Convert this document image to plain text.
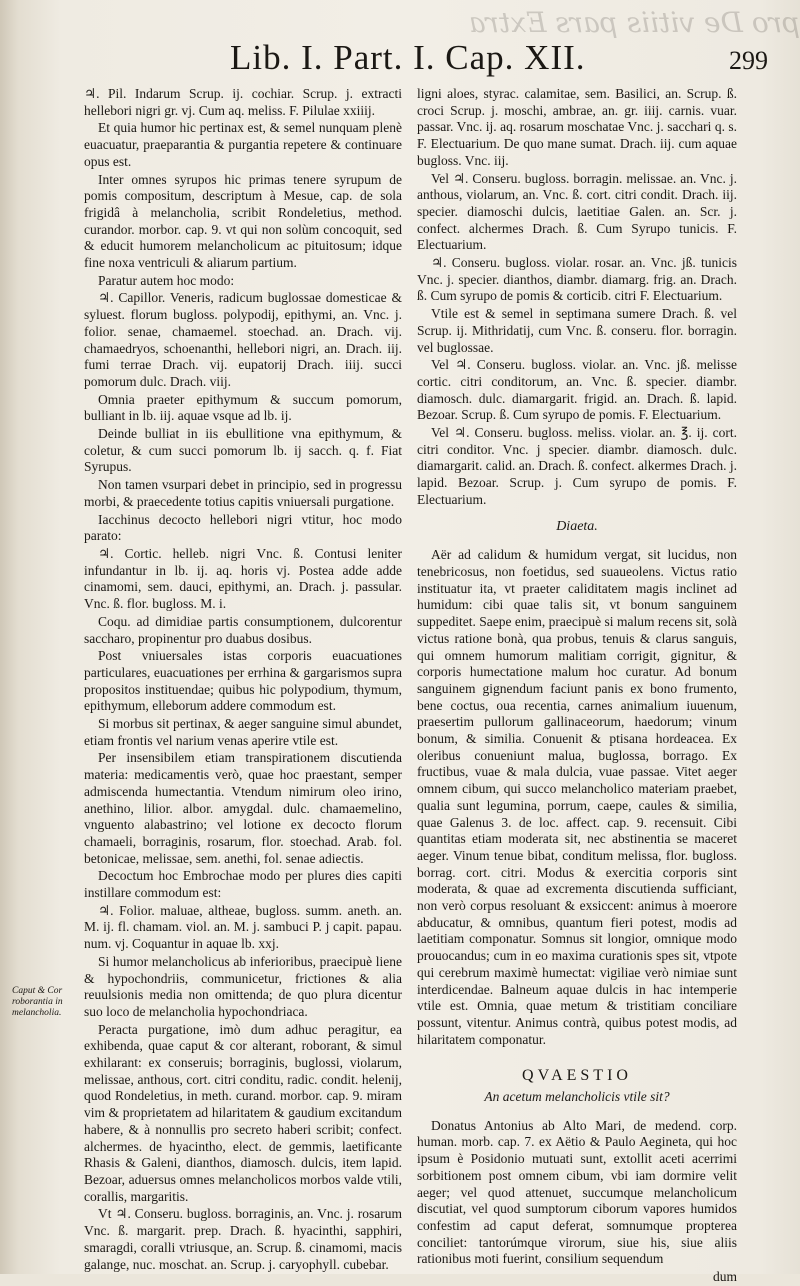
pro De vitiis pars Extra
Lib. I. Part. I. Cap. XII.	299
Caput & Cor roborantia in melancholia.

♃. Pil. Indarum Scrup. ij. cochiar. Scrup. j. extracti hellebori nigri gr. vj. Cum aq. meliss. F. Pilulae xxiiij.

Et quia humor hic pertinax est, & semel nunquam plenè euacuatur, praeparantia & purgantia repetere & continuare opus est.

Inter omnes syrupos hic primas tenere syrupum de pomis compositum, descriptum à Mesue, cap. de sola frigidâ à melancholia, scribit Rondeletius, method. curandor. morbor. cap. 9. vt qui non solùm concoquit, sed & educit humorem melancholicum ac pituitosum; idque fine noxa ventriculi & aliarum partium.

Paratur autem hoc modo:

♃. Capillor. Veneris, radicum buglossae domesticae & syluest. florum bugloss. polypodij, epithymi, an. Vnc. j. folior. senae, chamaemel. stoechad. an. Drach. vij. chamaedryos, schoenanthi, hellebori nigri, an. Drach. iij. fumi terrae Drach. vij. eupatorij Drach. iiij. succi pomorum dulc. Drach. viij.

Omnia praeter epithymum & succum pomorum, bulliant in lb. iij. aquae vsque ad lb. ij.

Deinde bulliat in iis ebullitione vna epithymum, & coletur, & cum succi pomorum lb. ij sacch. q. f. Fiat Syrupus.

Non tamen vsurpari debet in principio, sed in progressu morbi, & praecedente totius capitis vniuersali purgatione.

Iacchinus decocto hellebori nigri vtitur, hoc modo parato:

♃. Cortic. helleb. nigri Vnc. ß. Contusi leniter infundantur in lb. ij. aq. horis vj. Postea adde adde cinamomi, sem. dauci, epithymi, an. Drach. j. passular. Vnc. ß. flor. bugloss. M. i.

Coqu. ad dimidiae partis consumptionem, dulcorentur saccharo, propinentur pro duabus dosibus.

Post vniuersales istas corporis euacuationes particulares, euacuationes per errhina & gargarismos supra propositos instituendae; quibus hic polypodium, thymum, epithymum, elleborum addere commodum est.

Si morbus sit pertinax, & aeger sanguine simul abundet, etiam frontis vel narium venas aperire vtile est.

Per insensibilem etiam transpirationem discutienda materia: medicamentis verò, quae hoc praestant, semper admiscenda humectantia. Vtendum nimirum oleo irino, anethino, lilior. albor. amygdal. dulc. chamaemelino, vnguento alabastrino; vel lotione ex decocto florum chamaeli, borraginis, rosarum, flor. stoechad. Arab. fol. betonicae, melissae, sem. anethi, fol. senae adiectis.

Decoctum hoc Embrochae modo per plures dies capiti instillare commodum est:

♃. Folior. maluae, altheae, bugloss. summ. aneth. an. M. ij. fl. chamam. viol. an. M. j. sambuci P. j capit. papau. num. vj. Coquantur in aquae lb. xxj.

Si humor melancholicus ab inferioribus, praecipuè liene & hypochondriis, communicetur, frictiones & alia reuulsionis media non omittenda; de quo plura dicentur suo loco de melancholia hypochondriaca.

Peracta purgatione, imò dum adhuc peragitur, ea exhibenda, quae caput & cor alterant, roborant, & simul exhilarant: ex conseruis; borraginis, buglossi, violarum, melissae, anthous, cort. citri conditu, radic. condit. helenij, quod Rondeletius, in meth. curand. morbor. cap. 9. miram vim & proprietatem ad hilaritatem & gaudium excitandum habere, & à nonnullis pro secreto haberi scribit; confect. alchermes. de hyacintho, elect. de gemmis, laetificante Rhasis & Galeni, dianthos, diamosch. dulcis, item lapid. Bezoar, aduersus omnes melancholicos morbos valde vtili, corallis, margaritis.

Vt ♃. Conseru. bugloss. borraginis, an. Vnc. j. rosarum Vnc. ß. margarit. prep. Drach. ß. hyacinthi, sapphiri, smaragdi, coralli vtriusque, an. Scrup. ß. cinamomi, macis galange, nuc. moschat. an. Scrup. j. caryophyll. cubebar.

ligni aloes, styrac. calamitae, sem. Basilici, an. Scrup. ß. croci Scrup. j. moschi, ambrae, an. gr. iiij. carnis. vuar. passar. Vnc. ij. aq. rosarum moschatae Vnc. j. sacchari q. s. F. Electuarium. De quo mane sumat. Drach. iij. cum aquae bugloss. Vnc. iij.

Vel ♃. Conseru. bugloss. borragin. melissae. an. Vnc. j. anthous, violarum, an. Vnc. ß. cort. citri condit. Drach. iij. specier. diamoschi dulcis, laetitiae Galen. an. Scr. j. confect. alchermes Drach. ß. Cum Syrupo tunicis. F. Electuarium.

♃. Conseru. bugloss. violar. rosar. an. Vnc. jß. tunicis Vnc. j. specier. dianthos, diambr. diamarg. frig. an. Drach. ß. Cum syrupo de pomis & corticib. citri F. Electuarium.

Vtile est & semel in septimana sumere Drach. ß. vel Scrup. ij. Mithridatij, cum Vnc. ß. conseru. flor. borragin. vel buglossae.

Vel ♃. Conseru. bugloss. violar. an. Vnc. jß. melisse cortic. citri conditorum, an. Vnc. ß. specier. diambr. diamosch. dulc. diamargarit. frigid. an. Drach. ß. lapid. Bezoar. Scrup. ß. Cum syrupo de pomis. F. Electuarium.

Vel ♃. Conseru. bugloss. meliss. violar. an. ℥. ij. cort. citri conditor. Vnc. j specier. diambr. diamosch. dulc. diamargarit. calid. an. Drach. ß. confect. alkermes Drach. j. lapid. Bezoar. Scrup. j. Cum syrupo de pomis. F. Electuarium.

Diaeta.

Aër ad calidum & humidum vergat, sit lucidus, non tenebricosus, non foetidus, sed suaueolens. Victus ratio instituatur ita, vt praeter caliditatem magis inclinet ad humidum: cibi quae talis sit, vt bonum sanguinem suppeditet. Saepe enim, praecipuè si malum recens sit, solà victus ratione bonà, qua probus, tenuis & clarus sanguis, qui omnem humorum malitiam corrigit, gignitur, & corporis humectatione malum hoc curatur. Ad bonum sanguinem gignendum faciunt panis ex bono frumento, bene coctus, oua recentia, carnes animalium iuuenum, praesertim pullorum gallinaceorum, haedorum; vinum bonum, & similia. Conuenit & ptisana hordeacea. Ex oleribus conueniunt malua, buglossa, borrago. Ex fructibus, vuae & mala dulcia, vuae passae. Vitet aeger omnem cibum, qui succo melancholico materiam praebet, qualia sunt legumina, porrum, caepe, caules & similia, quae Galenus 3. de loc. affect. cap. 9. recensuit. Cibi quantitas etiam moderata sit, nec abstinentia se maceret aeger. Vinum tenue bibat, conditum melissa, flor. bugloss. borrag. cort. citri. Modus & exercitia corporis sint moderata, & quae ad excrementa discutienda sufficiant, non verò corpus resoluant & exsiccent: animus à moerore abducatur, & omnibus, quantum fieri potest, modis ad laetitiam componatur. Somnus sit longior, omnique modo prouocandus; cum in eo maxima curationis spes sit, vtpote qui cerebrum maximè humectat: vigiliae verò nimiae sunt interdicendae. Balneum aquae dulcis in hac intemperie vtile est. Omnia, quae metum & tristitiam conciliare possunt, vitentur. Animus contrà, quibus potest modis, ad hilaritatem componatur.

QVAESTIO
An acetum melancholicis vtile sit?

Donatus Antonius ab Alto Mari, de medend. corp. human. morb. cap. 7. ex Aëtio & Paulo Aegineta, qui hoc ipsum è Posidonio mutuati sunt, extollit aceti acerrimi sorbitionem post omnem cibum, vbi iam dormire velit aeger; vel quod attenuet, succumque melancholicum discutiat, vel quod sumptorum ciborum vapores humidos confestim ad caput deferat, somnumque propterea conciliet: tantorúmque virorum, siue his, siue aliis rationibus moti fuerint, consilium sequendum

dum
